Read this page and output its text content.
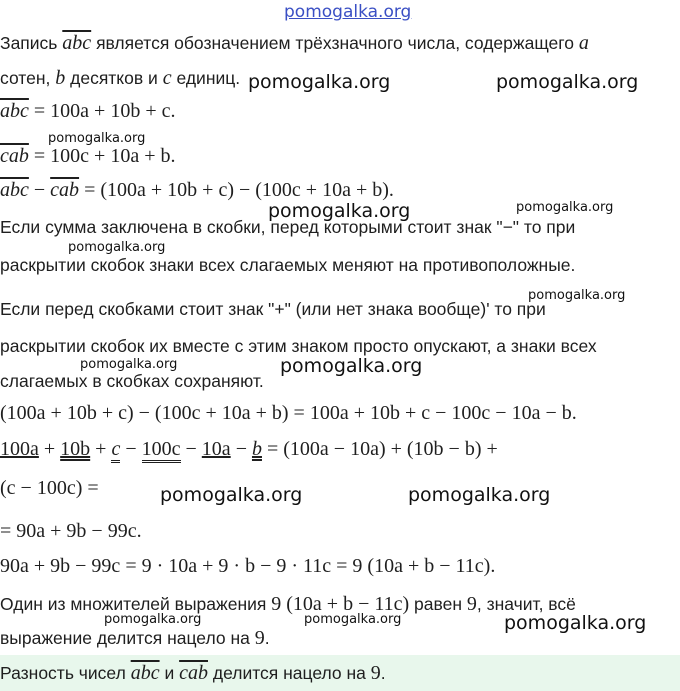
pomogalka.org
Запись $\overline{abc}$ является обозначением трёхзначного числа, содержащего a
сотен, b десятков и c единиц.
$\overline{abc} = 100a + 10b + c$.
$\overline{cab} = 100c + 10a + b$.
$\overline{abc} - \overline{cab} = (100a + 10b + c) - (100c + 10a + b)$.
Если сумма заключена в скобки, перед которыми стоит знак "−" то при
раскрытии скобок знаки всех слагаемых меняют на противоположные.
Если перед скобками стоит знак "+" (или нет знака вообще)' то при
раскрытии скобок их вместе с этим знаком просто опускают, а знаки всех
слагаемых в скобках сохраняют.
(100a + 10b + c) − (100c + 10a + b) = 100a + 10b + c − 100c − 10a − b.
100a + 10b + c − 100c − 10a − b = (100a − 10a) + (10b − b) +
(c − 100c) =
= 90a + 9b − 99c.
90a + 9b − 99c = 9 · 10a + 9 · b − 9 · 11c = 9 (10a + b − 11c).
Один из множителей выражения 9 (10a + b − 11c) равен 9, значит, всё
выражение делится нацело на 9.
Разность чисел $\overline{abc}$ и $\overline{cab}$ делится нацело на 9.
pomogalka.org	pomogalka.org
pomogalka.org
pomogalka.org	pomogalka.org
pomogalka.org
pomogalka.org
pomogalka.org	pomogalka.org
pomogalka.org	pomogalka.org
pomogalka.org	pomogalka.org	pomogalka.org
